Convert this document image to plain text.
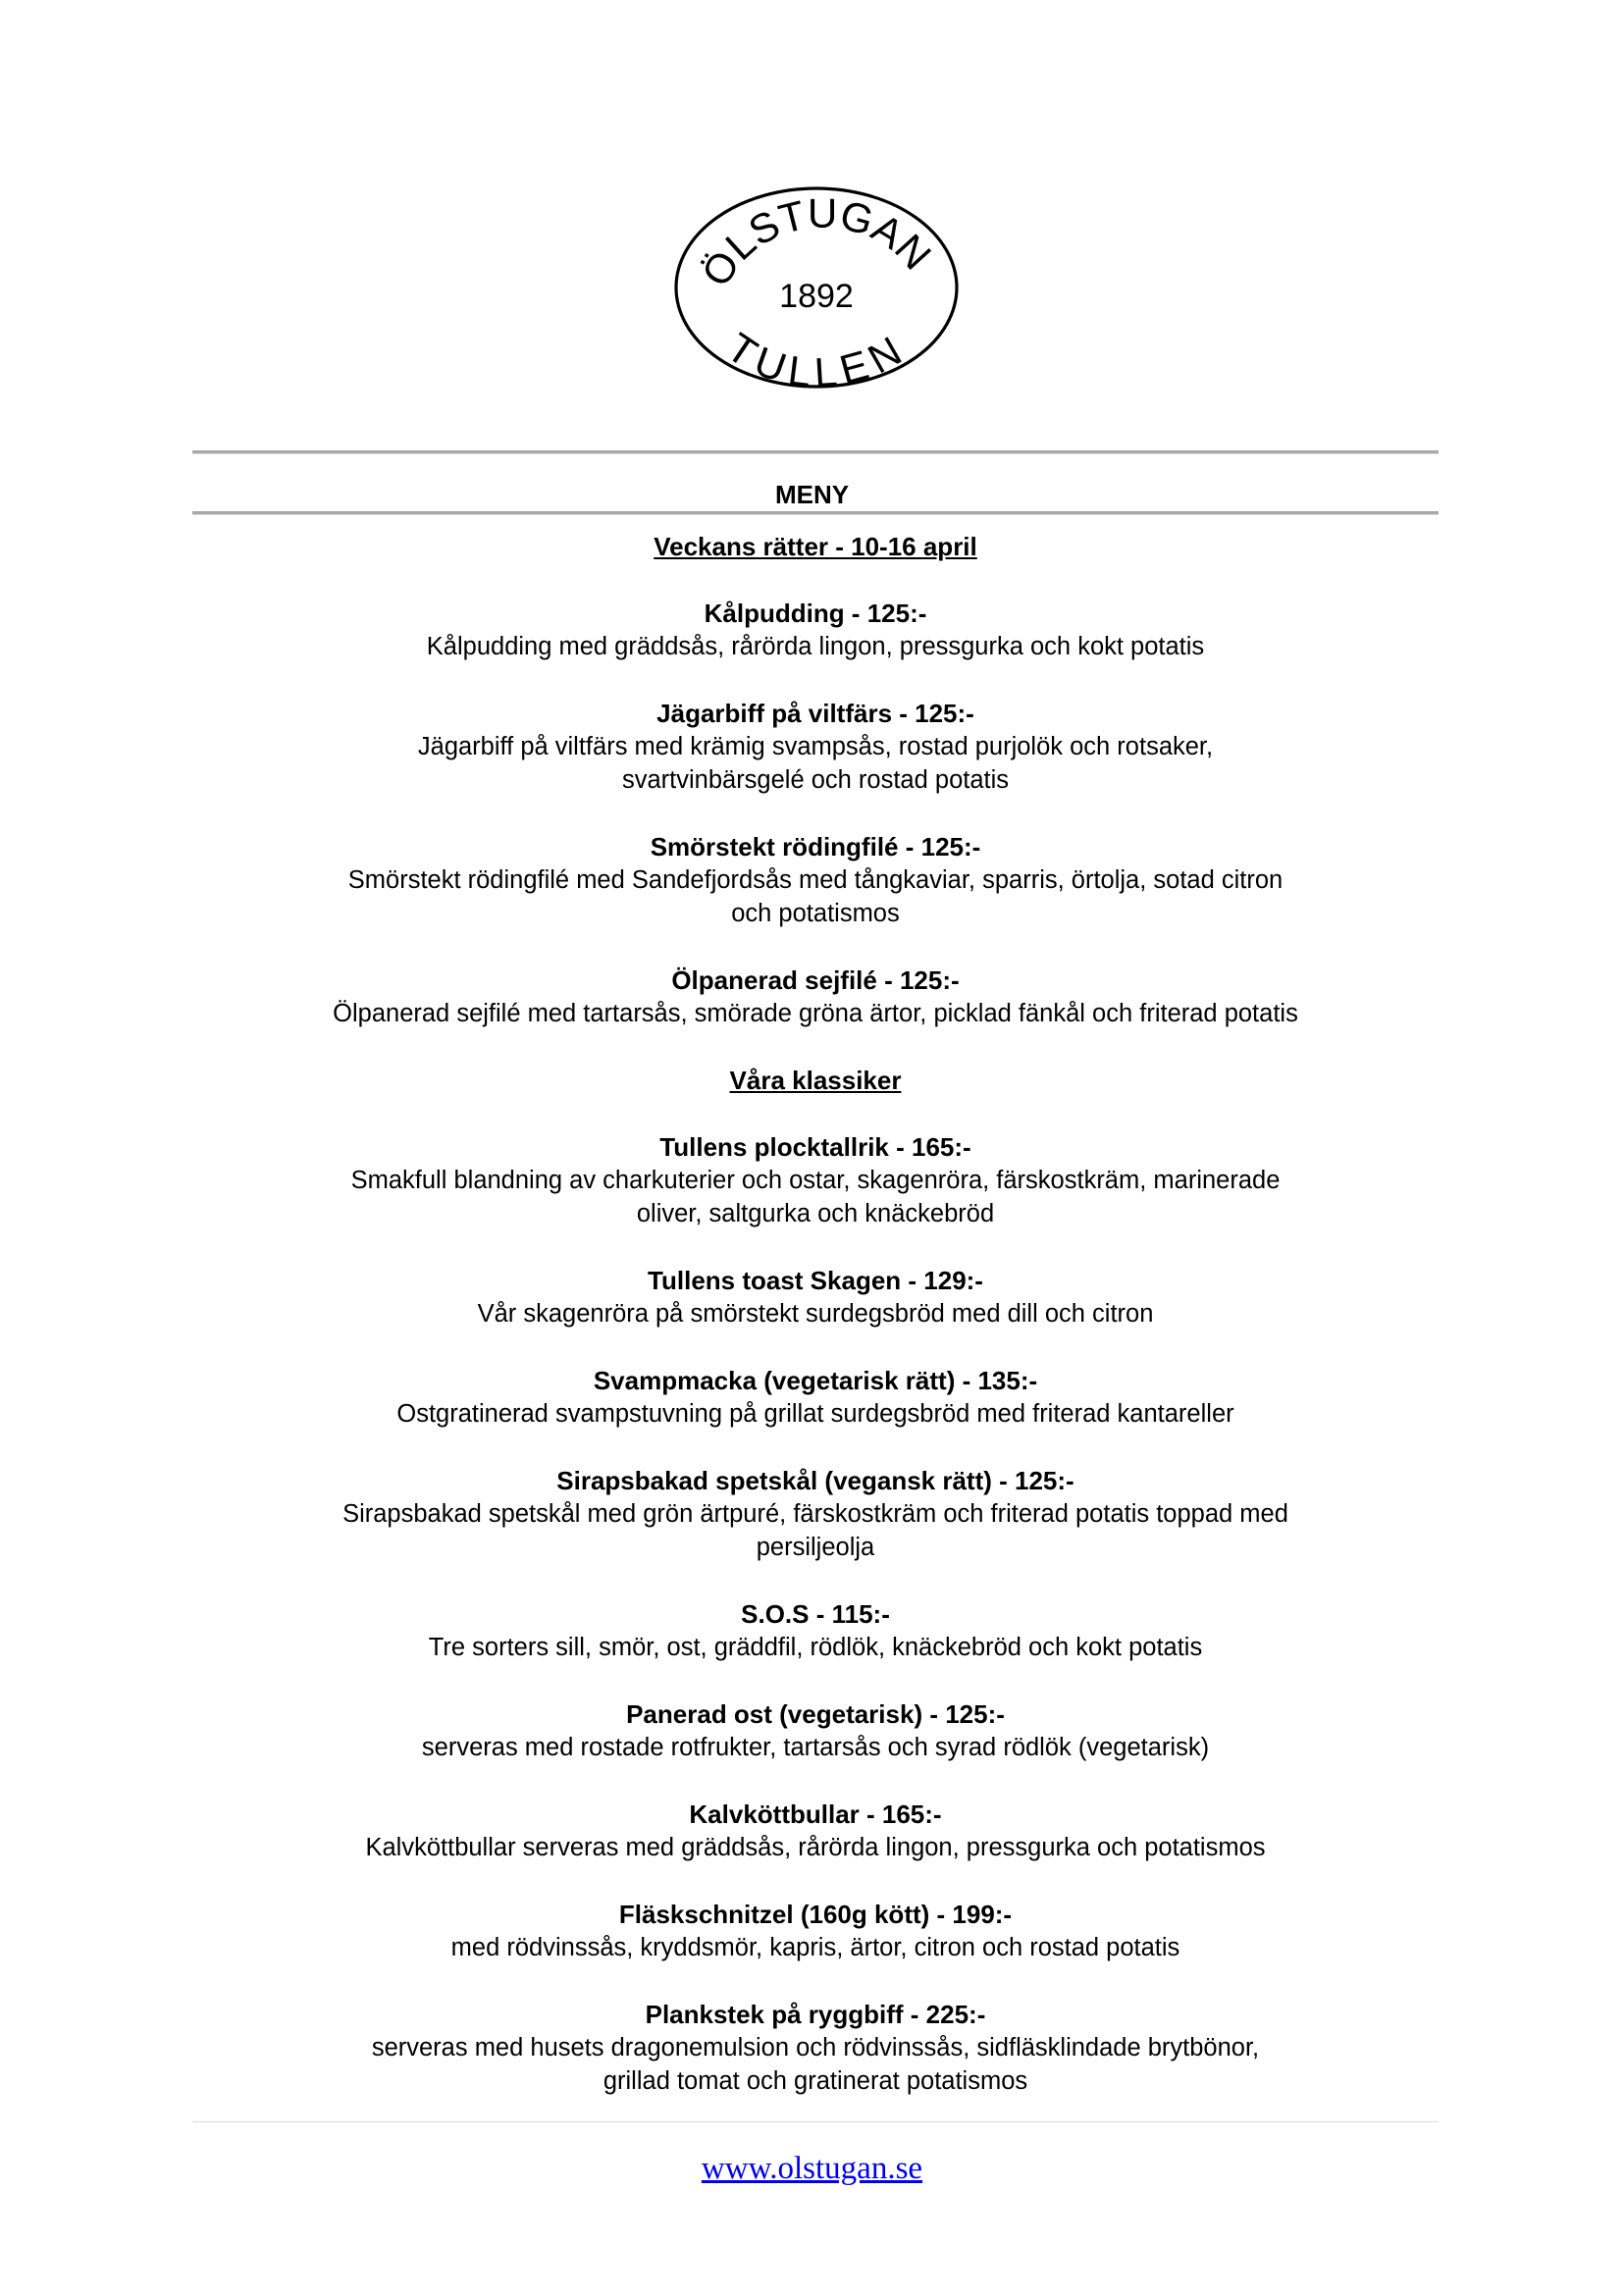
ÖLSTUGAN
1892
TULLEN
MENY

Veckans rätter - 10-16 april

Kålpudding - 125:-

Kålpudding med gräddsås, rårörda lingon, pressgurka och kokt potatis

Jägarbiff på viltfärs - 125:-

Jägarbiff på viltfärs med krämig svampsås, rostad purjolök och rotsaker,

svartvinbärsgelé och rostad potatis

Smörstekt rödingfilé - 125:-

Smörstekt rödingfilé med Sandefjordsås med tångkaviar, sparris, örtolja, sotad citron

och potatismos

Ölpanerad sejfilé - 125:-

Ölpanerad sejfilé med tartarsås, smörade gröna ärtor, picklad fänkål och friterad potatis

Våra klassiker

Tullens plocktallrik - 165:-

Smakfull blandning av charkuterier och ostar, skagenröra, färskostkräm, marinerade

oliver, saltgurka och knäckebröd

Tullens toast Skagen - 129:-

Vår skagenröra på smörstekt surdegsbröd med dill och citron

Svampmacka (vegetarisk rätt) - 135:-

Ostgratinerad svampstuvning på grillat surdegsbröd med friterad kantareller

Sirapsbakad spetskål (vegansk rätt) - 125:-

Sirapsbakad spetskål med grön ärtpuré, färskostkräm och friterad potatis toppad med

persiljeolja

S.O.S - 115:-

Tre sorters sill, smör, ost, gräddfil, rödlök, knäckebröd och kokt potatis

Panerad ost (vegetarisk) - 125:-

serveras med rostade rotfrukter, tartarsås och syrad rödlök (vegetarisk)

Kalvköttbullar - 165:-

Kalvköttbullar serveras med gräddsås, rårörda lingon, pressgurka och potatismos

Fläskschnitzel (160g kött) - 199:-

med rödvinssås, kryddsmör, kapris, ärtor, citron och rostad potatis

Plankstek på ryggbiff - 225:-

serveras med husets dragonemulsion och rödvinssås, sidfläsklindade brytbönor,

grillad tomat och gratinerat potatismos

www.olstugan.se
